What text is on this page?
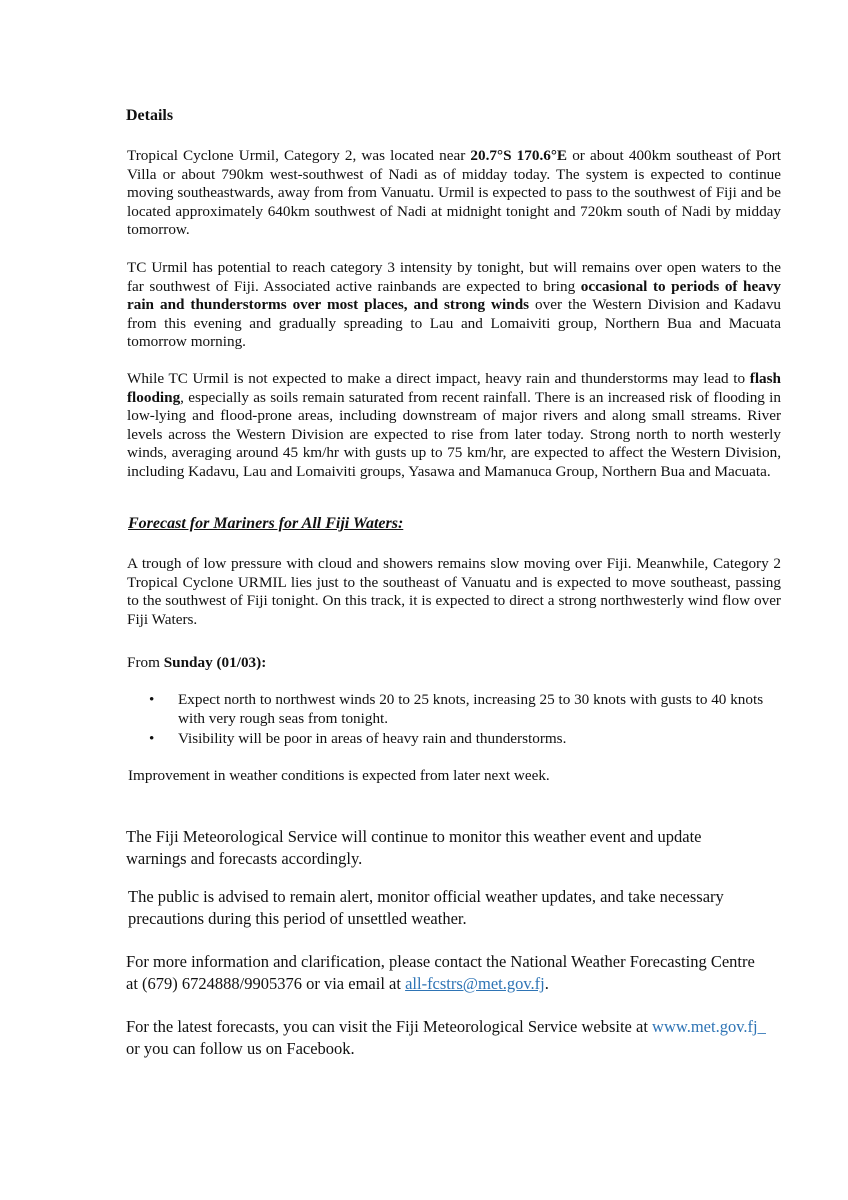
Details

Tropical Cyclone Urmil, Category 2, was located near 20.7°S 170.6°E or about 400km southeast of Port Villa or about 790km west-southwest of Nadi as of midday today. The system is expected to continue moving southeastwards, away from from Vanuatu. Urmil is expected to pass to the southwest of Fiji and be located approximately 640km southwest of Nadi at midnight tonight and 720km south of Nadi by midday tomorrow.

TC Urmil has potential to reach category 3 intensity by tonight, but will remains over open waters to the far southwest of Fiji. Associated active rainbands are expected to bring occasional to periods of heavy rain and thunderstorms over most places, and strong winds over the Western Division and Kadavu from this evening and gradually spreading to Lau and Lomaiviti group, Northern Bua and Macuata tomorrow morning.

While TC Urmil is not expected to make a direct impact, heavy rain and thunderstorms may lead to flash flooding, especially as soils remain saturated from recent rainfall. There is an increased risk of flooding in low-lying and flood-prone areas, including downstream of major rivers and along small streams. River levels across the Western Division are expected to rise from later today. Strong north to north westerly winds, averaging around 45 km/hr with gusts up to 75 km/hr, are expected to affect the Western Division, including Kadavu, Lau and Lomaiviti groups, Yasawa and Mamanuca Group, Northern Bua and Macuata.

Forecast for Mariners for All Fiji Waters:

A trough of low pressure with cloud and showers remains slow moving over Fiji. Meanwhile, Category 2 Tropical Cyclone URMIL lies just to the southeast of Vanuatu and is expected to move southeast, passing to the southwest of Fiji tonight. On this track, it is expected to direct a strong northwesterly wind flow over Fiji Waters.

From Sunday (01/03):

• Expect north to northwest winds 20 to 25 knots, increasing 25 to 30 knots with gusts to 40 knots with very rough seas from tonight.
• Visibility will be poor in areas of heavy rain and thunderstorms.

Improvement in weather conditions is expected from later next week.

The Fiji Meteorological Service will continue to monitor this weather event and update warnings and forecasts accordingly.

The public is advised to remain alert, monitor official weather updates, and take necessary precautions during this period of unsettled weather.

For more information and clarification, please contact the National Weather Forecasting Centre at (679) 6724888/9905376 or via email at all-fcstrs@met.gov.fj.

For the latest forecasts, you can visit the Fiji Meteorological Service website at www.met.gov.fj_ or you can follow us on Facebook.
